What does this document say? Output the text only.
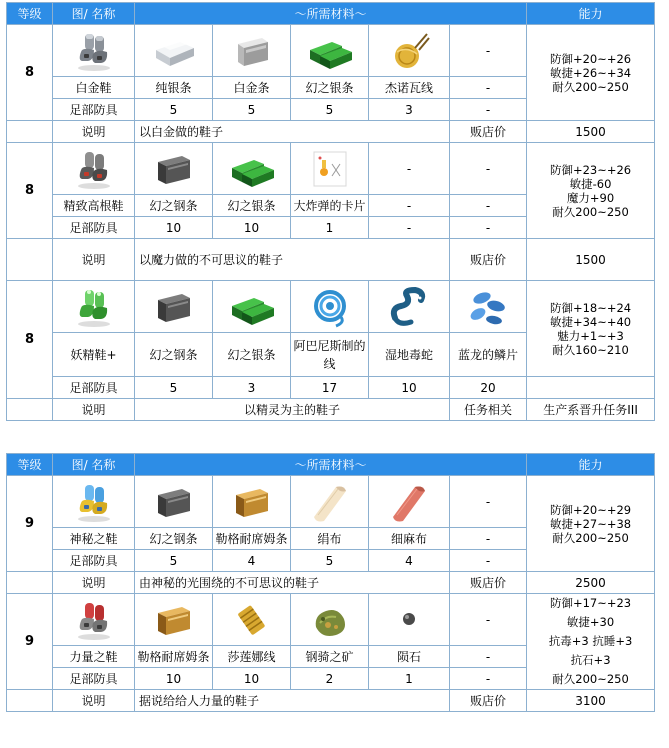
等级	图/ 名称	～所需材料～					能力
8						-	防御+20~+26
敏捷+26~+34
耐久200~250

	白金鞋	纯银条	白金条	幻之银条	杰诺瓦线	-	
	足部防具	5	5	5	3	-	
	说明	以白金做的鞋子				贩店价	1500
8					-	-	防御+23~+26
敏捷-60
魔力+90
耐久200~250

	精致高根鞋	幻之钢条	幻之银条	大炸弹的卡片	-	-	
	足部防具	10	10	1	-	-	
	说明	以魔力做的不可思议的鞋子				贩店价	1500
8							防御+18~+24
敏捷+34~+40
魅力+1~+3
耐久160~210

	妖精鞋+	幻之钢条	幻之银条	阿巴尼斯制的线	湿地毒蛇	蓝龙的鳞片	
	足部防具	5	3	17	10	20	
	说明	以精灵为主的鞋子				任务相关	生产系晋升任务III
等级	图/ 名称	～所需材料～					能力
9						-	防御+20~+29
敏捷+27~+38
耐久200~250

	神秘之鞋	幻之钢条	勒格耐席姆条	绢布	细麻布	-	
	足部防具	5	4	5	4	-	
	说明	由神秘的光围绕的不可思议的鞋子				贩店价	2500
9						-	防御+17~+23
敏捷+30
抗毒+3 抗睡+3
抗石+3
耐久200~250

	力量之鞋	勒格耐席姆条	莎莲娜线	钢骑之矿	陨石	-	
	足部防具	10	10	2	1	-	
	说明	据说给给人力量的鞋子				贩店价	3100
